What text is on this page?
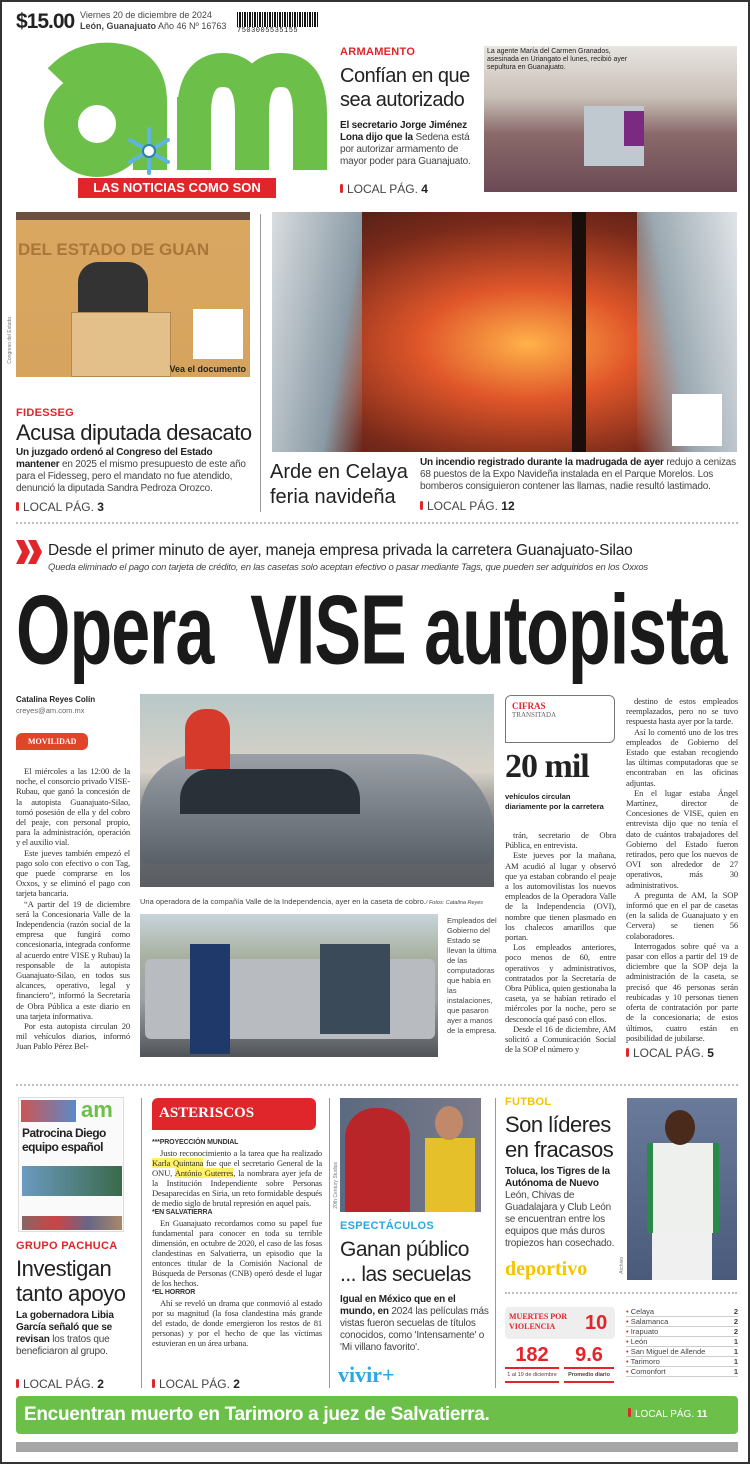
$15.00 Viernes 20 de diciembre de 2024
León, Guanajuato Año 46 Nº 16763 7503005535155
LAS NOTICIAS COMO SON
ARMAMENTO
Confían en que sea autorizado
El secretario Jorge Jiménez Lona dijo que la Sedena está por autorizar armamento de mayor poder para Guanajuato.
LOCAL PÁG. 4
La agente María del Carmen Granados, asesinada en Uriangato el lunes, recibió ayer sepultura en Guanajuato.
DEL ESTADO DE GUAN
Vea el documento
Congreso del Estado
FIDESSEG
Acusa diputada desacato
Un juzgado ordenó al Congreso del Estado mantener en 2025 el mismo presupuesto de este año para el Fidesseg, pero el mandato no fue atendido, denunció la diputada Sandra Pedroza Orozco.
LOCAL PÁG. 3
Arde en Celaya feria navideña
Un incendio registrado durante la madrugada de ayer redujo a cenizas 68 puestos de la Expo Navideña instalada en el Parque Morelos. Los bomberos consiguieron contener las llamas, nadie resultó lastimado.
LOCAL PÁG. 12
Desde el primer minuto de ayer, maneja empresa privada la carretera Guanajuato-Silao
Queda eliminado el pago con tarjeta de crédito, en las casetas solo aceptan efectivo o pasar mediante Tags, que pueden ser adquiridos en los Oxxos
Opera  VISE autopista
Catalina Reyes Colín
creyes@am.com.mx
MOVILIDAD

El miércoles a las 12:00 de la noche, el consorcio privado VISE-Rubau, que ganó la concesión de la autopista Guanajuato-Silao, tomó posesión de ella y del cobro del peaje, con personal propio, para la administración, operación y el auxilio vial.

Este jueves también empezó el pago solo con efectivo o con Tag, que puede comprarse en los Oxxos, y se eliminó el pago con tarjeta bancaria.

“A partir del 19 de diciembre será la Concesionaria Valle de la Independencia (razón social de la empresa que fungirá como concesionaria, integrada conforme al acuerdo entre VISE y Rubau) la responsable de la autopista Guanajuato-Silao, en todos sus alcances, operativo, legal y financiero”, informó la Secretaría de Obra Pública a este diario en una tarjeta informativa.

Por esta autopista circulan 20 mil vehículos diarios, informó Juan Pablo Pérez Bel-

Una operadora de la compañía Valle de la Independencia, ayer en la caseta de cobro./ Fotos: Catalina Reyes
Empleados del Gobierno del Estado se llevan la última de las computadoras que había en las instalaciones, que pasaron ayer a manos de la empresa.
CIFRAS
TRANSITADA
20 mil
vehículos circulan diariamente por la carretera

trán, secretario de Obra Pública, en entrevista.

Este jueves por la mañana, AM acudió al lugar y observó que ya estaban cobrando el peaje a los automovilistas los nuevos empleados de la Operadora Valle de la Independencia (OVI), nombre que tienen plasmado en los chalecos amarillos que portan.

Los empleados anteriores, poco menos de 60, entre operativos y administrativos, contratados por la Secretaría de Obra Pública, quien gestionaba la caseta, ya se habían retirado el miércoles por la noche, pero se desconocía qué pasó con ellos.

Desde el 16 de diciembre, AM solicitó a Comunicación Social de la SOP el número y

destino de estos empleados reemplazados, pero no se tuvo respuesta hasta ayer por la tarde.

Así lo comentó uno de los tres empleados de Gobierno del Estado que estaban recogiendo las últimas computadoras que se encontraban en las oficinas adjuntas.

En el lugar estaba Ángel Martínez, director de Concesiones de VISE, quien en entrevista dijo que no tenía el dato de cuántos trabajadores del Gobierno del Estado fueron retirados, pero que los nuevos de OVI son alrededor de 27 operativos, más 30 administrativos.

A pregunta de AM, la SOP informó que en el par de casetas (en la salida de Guanajuato y en Cervera) se tienen 56 colaboradores.

Interrogados sobre qué va a pasar con ellos a partir del 19 de diciembre que la SOP deja la administración de la caseta, se precisó que 46 personas serán reubicadas y 10 personas tienen oferta de contratación por parte de la concesionaria; de estos últimos, cuatro están en posibilidad de jubilarse.

LOCAL PÁG. 5
am
Patrocina Diego equipo español
GRUPO PACHUCA
Investigan tanto apoyo
La gobernadora Libia García señaló que se revisan los tratos que beneficiaron al grupo.
LOCAL PÁG. 2
ASTERISCOS
***PROYECCIÓN MUNDIAL

Justo reconocimiento a la tarea que ha realizado Karla Quintana fue que el secretario General de la ONU, António Guterres, la nombrara ayer jefa de la Institución Independiente sobre Personas Desaparecidas en Siria, un reto formidable después de medio siglo de brutal represión en aquel país.

*EN SALVATIERRA

En Guanajuato recordamos como su papel fue fundamental para conocer en toda su terrible dimensión, en octubre de 2020, el caso de las fosas clandestinas en Salvatierra, un episodio que la entonces titular de la Comisión Nacional de Búsqueda de Personas (CNB) operó desde el lugar de los hechos.

*EL HORROR

Ahí se reveló un drama que conmovió al estado por su magnitud (la fosa clandestina más grande del estado, de donde emergieron los restos de 81 personas) y por el hecho de que las víctimas estuvieran en un área urbana.

LOCAL PÁG. 2
20th Century Studios
ESPECTÁCULOS
Ganan público ... las secuelas
Igual en México que en el mundo, en 2024 las películas más vistas fueron secuelas de títulos conocidos, como 'Intensamente' o 'Mi villano favorito'.
vivir+
FUTBOL
Son líderes en fracasos
Toluca, los Tigres de la Autónoma de Nuevo León, Chivas de Guadalajara y Club León se encuentran entre los equipos que más duros tropiezos han cosechado.
deportivo	Archivo
MUERTES POR VIOLENCIA	10
182
1 al 19 de diciembre
9.6
Promedio diario
• Celaya	2
• Salamanca	2
• Irapuato	2
• León	1
• San Miguel de Allende	1
• Tarimoro	1
• Comonfort	1
Encuentran muerto en Tarimoro a juez de Salvatierra.	LOCAL PÁG. 11
